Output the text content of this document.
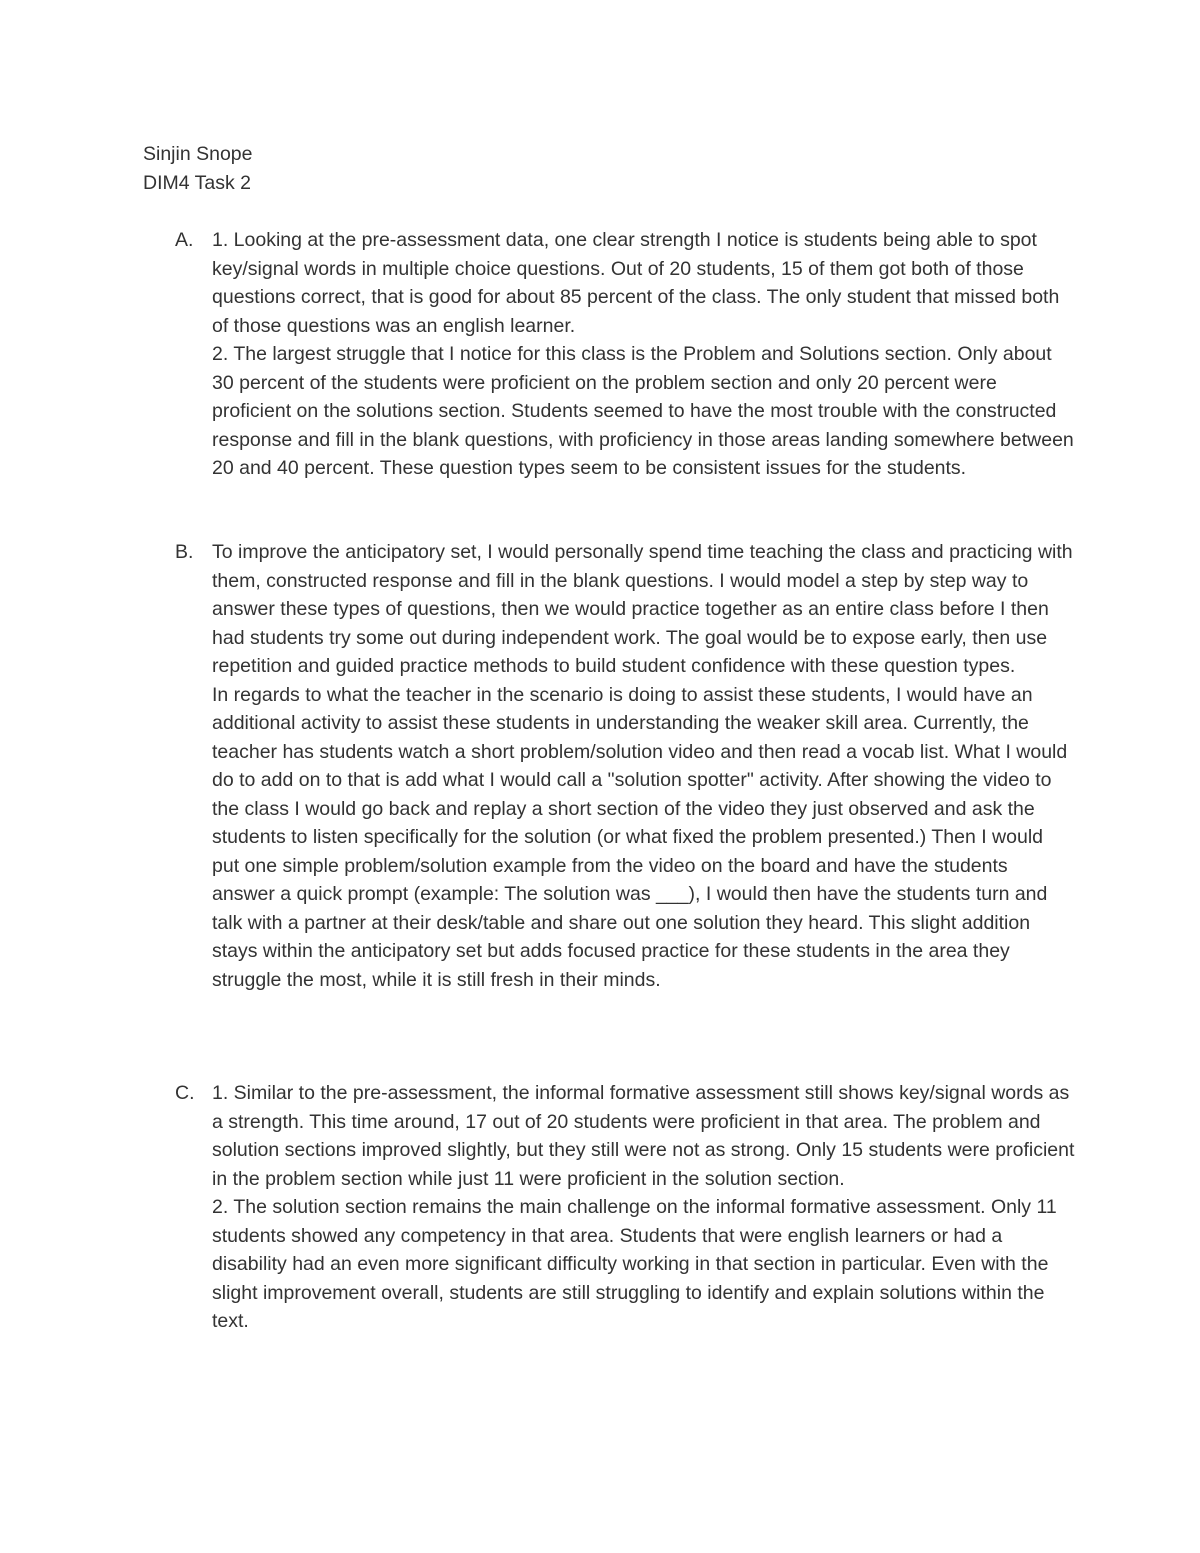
Sinjin Snope
DIM4 Task 2
A. 1. Looking at the pre-assessment data, one clear strength I notice is students being able to spot key/signal words in multiple choice questions. Out of 20 students, 15 of them got both of those questions correct, that is good for about 85 percent of the class. The only student that missed both of those questions was an english learner.

2. The largest struggle that I notice for this class is the Problem and Solutions section. Only about 30 percent of the students were proficient on the problem section and only 20 percent were proficient on the solutions section. Students seemed to have the most trouble with the constructed response and fill in the blank questions, with proficiency in those areas landing somewhere between 20 and 40 percent. These question types seem to be consistent issues for the students.

B. To improve the anticipatory set, I would personally spend time teaching the class and practicing with them, constructed response and fill in the blank questions. I would model a step by step way to answer these types of questions, then we would practice together as an entire class before I then had students try some out during independent work. The goal would be to expose early, then use repetition and guided practice methods to build student confidence with these question types.

In regards to what the teacher in the scenario is doing to assist these students, I would have an additional activity to assist these students in understanding the weaker skill area. Currently, the teacher has students watch a short problem/solution video and then read a vocab list. What I would do to add on to that is add what I would call a "solution spotter" activity. After showing the video to the class I would go back and replay a short section of the video they just observed and ask the students to listen specifically for the solution (or what fixed the problem presented.) Then I would put one simple problem/solution example from the video on the board and have the students answer a quick prompt (example: The solution was ___), I would then have the students turn and talk with a partner at their desk/table and share out one solution they heard. This slight addition stays within the anticipatory set but adds focused practice for these students in the area they struggle the most, while it is still fresh in their minds.

C. 1. Similar to the pre-assessment, the informal formative assessment still shows key/signal words as a strength. This time around, 17 out of 20 students were proficient in that area. The problem and solution sections improved slightly, but they still were not as strong. Only 15 students were proficient in the problem section while just 11 were proficient in the solution section.

2. The solution section remains the main challenge on the informal formative assessment. Only 11 students showed any competency in that area. Students that were english learners or had a disability had an even more significant difficulty working in that section in particular. Even with the slight improvement overall, students are still struggling to identify and explain solutions within the text.
